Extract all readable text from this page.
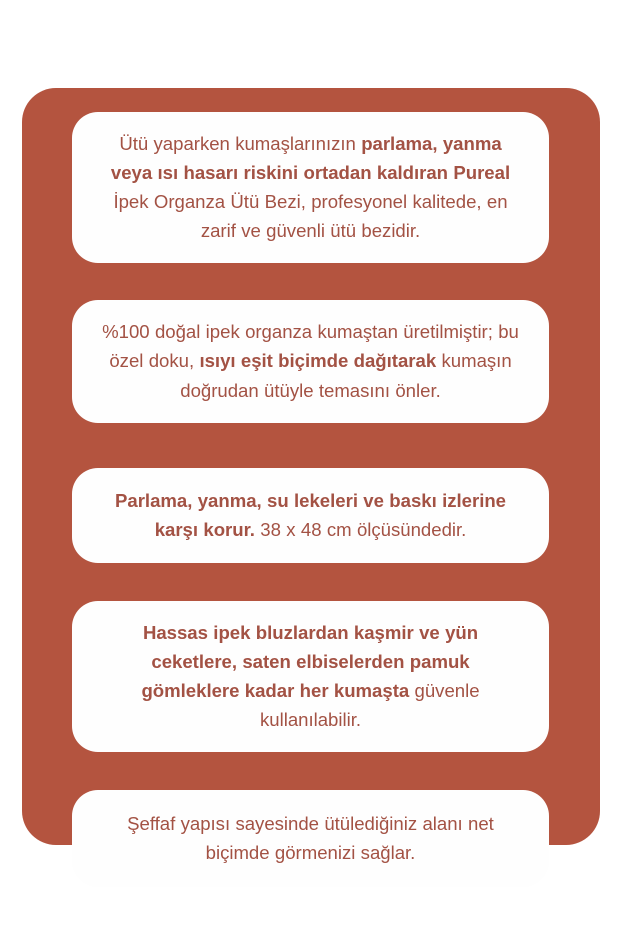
Ütü yaparken kumaşlarınızın parlama, yanma veya ısı hasarı riskini ortadan kaldıran Pureal İpek Organza Ütü Bezi, profesyonel kalitede, en zarif ve güvenli ütü bezidir.

%100 doğal ipek organza kumaştan üretilmiştir; bu özel doku, ısıyı eşit biçimde dağıtarak kumaşın doğrudan ütüyle temasını önler.

Parlama, yanma, su lekeleri ve baskı izlerine karşı korur. 38 x 48 cm ölçüsündedir.

Hassas ipek bluzlardan kaşmir ve yün ceketlere, saten elbiselerden pamuk gömleklere kadar her kumaşta güvenle kullanılabilir.

Şeffaf yapısı sayesinde ütülediğiniz alanı net biçimde görmenizi sağlar.
